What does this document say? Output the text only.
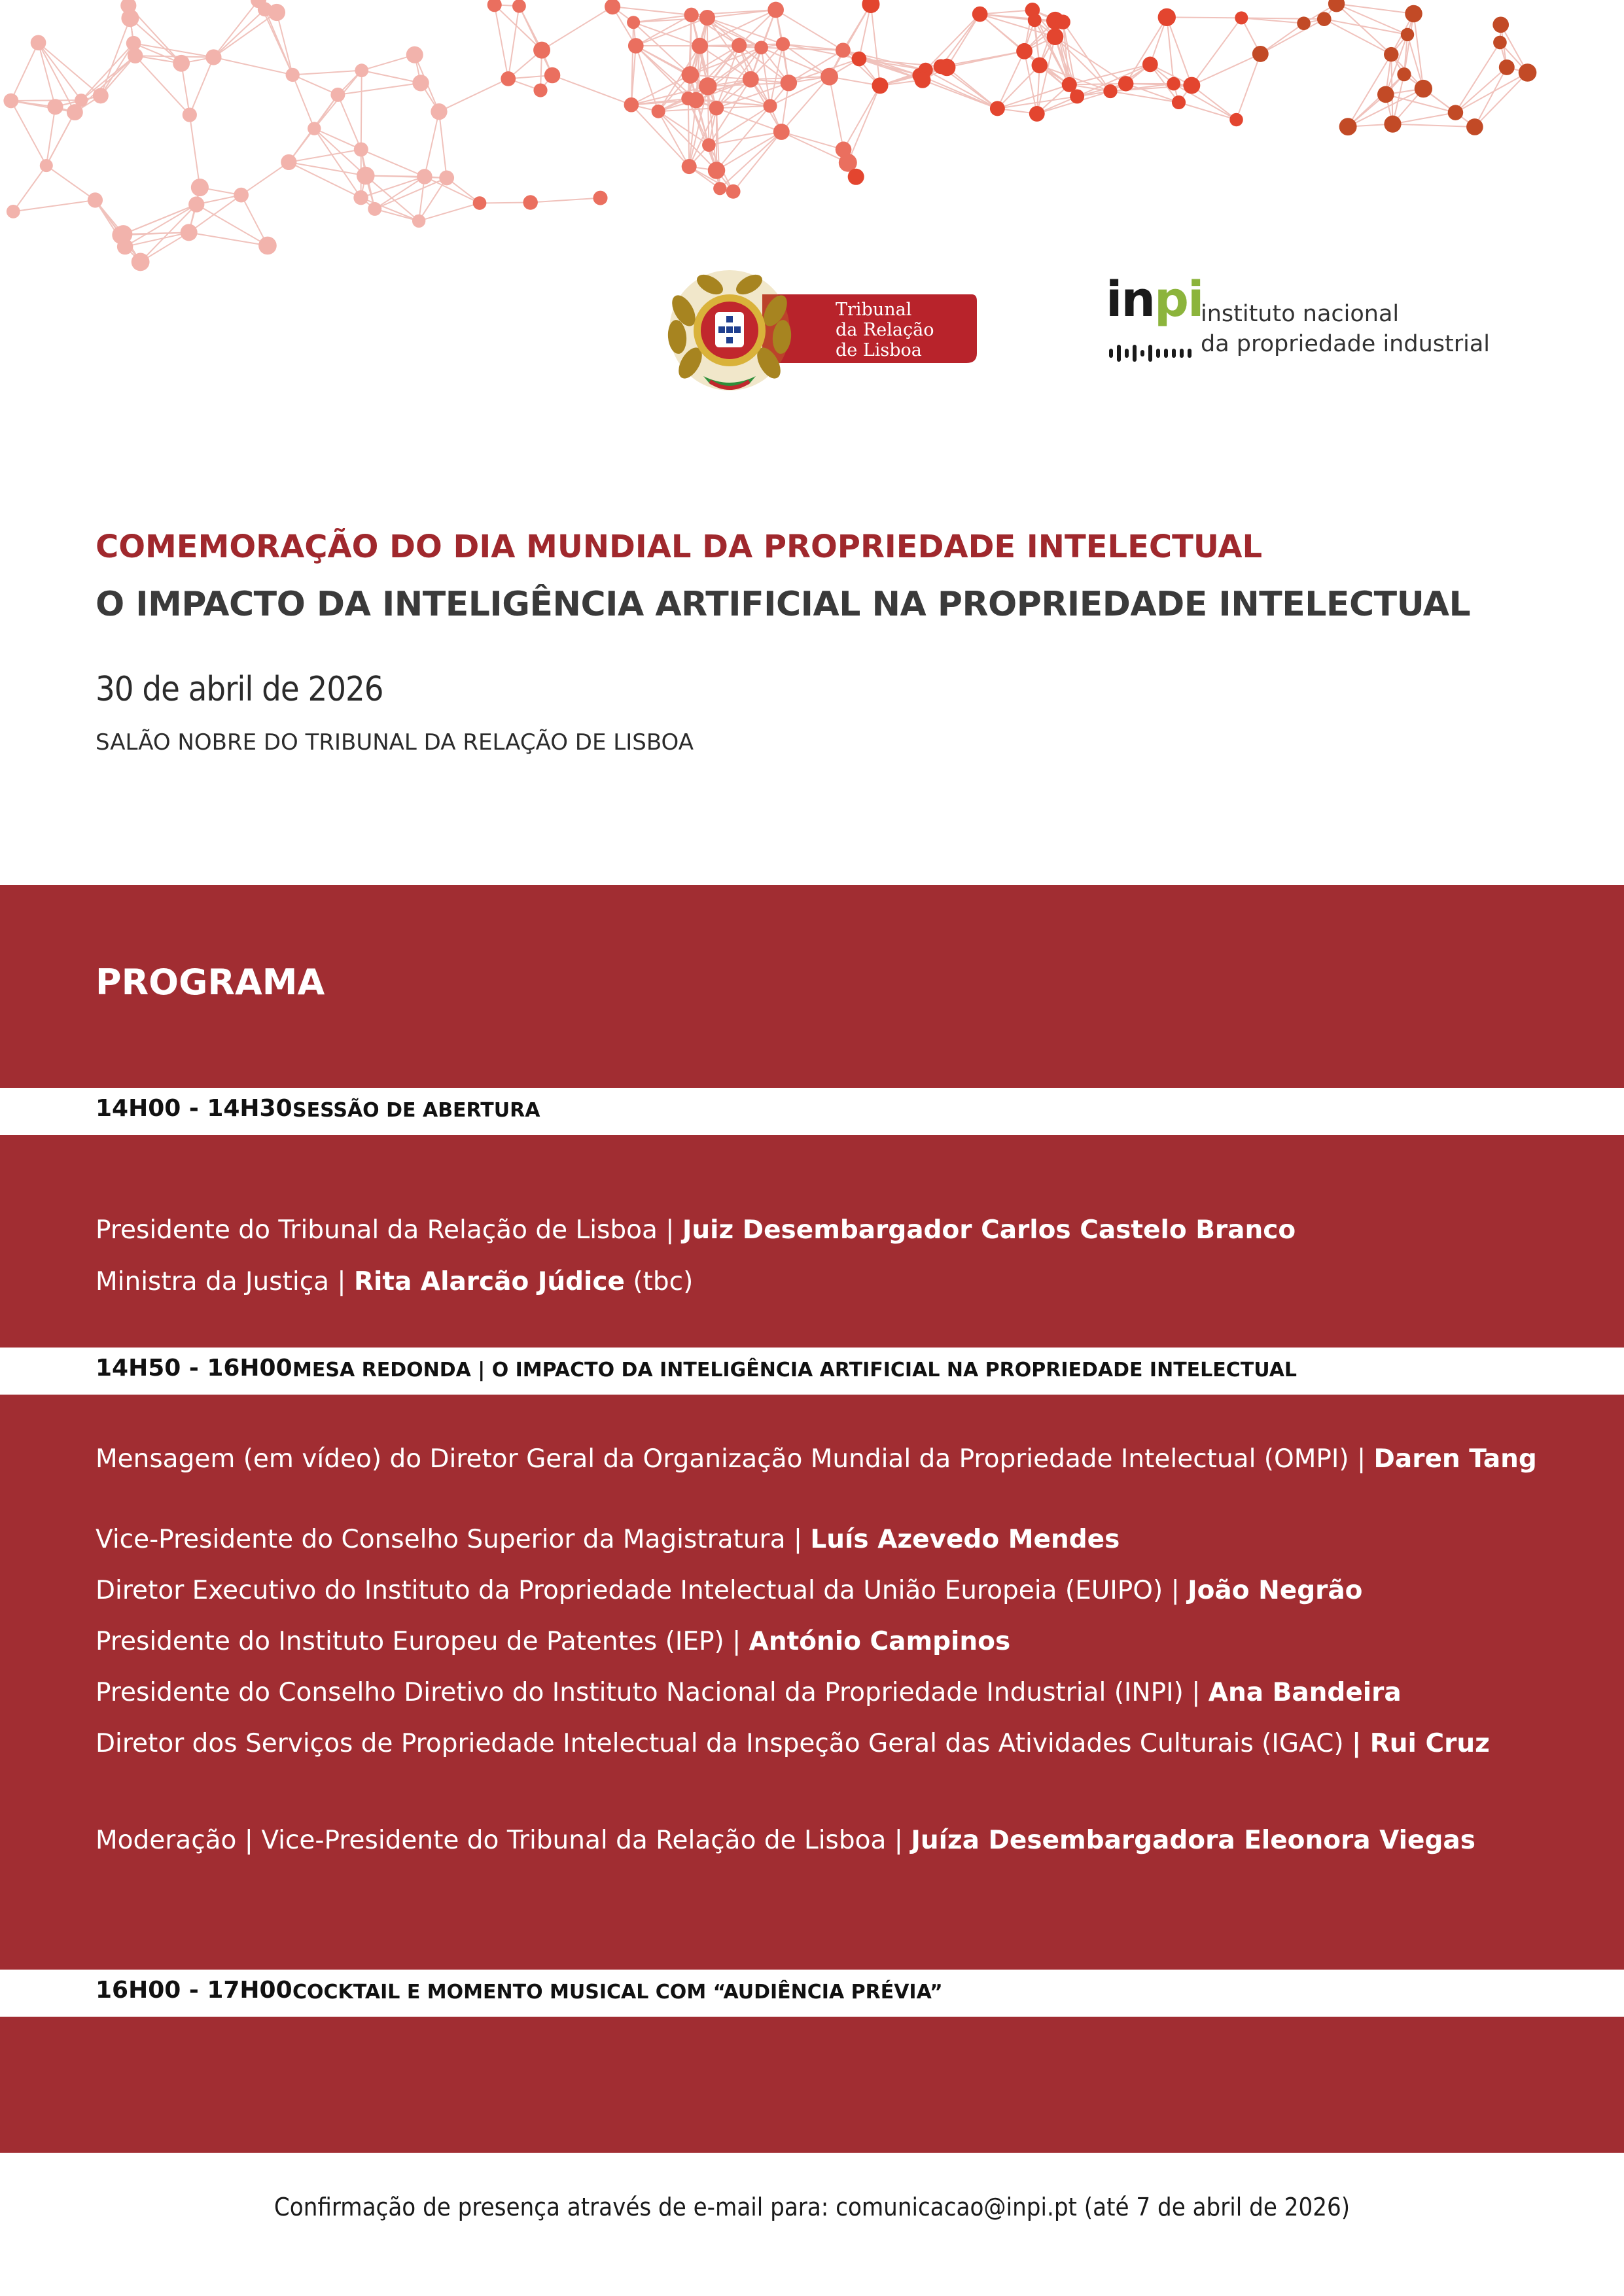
Tribunal
da Relação
de Lisboa
inpi
instituto nacional
da propriedade industrial
COMEMORAÇÃO DO DIA MUNDIAL DA PROPRIEDADE INTELECTUAL
O IMPACTO DA INTELIGÊNCIA ARTIFICIAL NA PROPRIEDADE INTELECTUAL
30 de abril de 2026
SALÃO NOBRE DO TRIBUNAL DA RELAÇÃO DE LISBOA
PROGRAMA
14H00 - 14H30 SESSÃO DE ABERTURA
Presidente do Tribunal da Relação de Lisboa | Juiz Desembargador Carlos Castelo Branco
Ministra da Justiça | Rita Alarcão Júdice (tbc)
14H50 - 16H00 MESA REDONDA | O IMPACTO DA INTELIGÊNCIA ARTIFICIAL NA PROPRIEDADE INTELECTUAL
Mensagem (em vídeo) do Diretor Geral da Organização Mundial da Propriedade Intelectual (OMPI) | Daren Tang
Vice-Presidente do Conselho Superior da Magistratura | Luís Azevedo Mendes
Diretor Executivo do Instituto da Propriedade Intelectual da União Europeia (EUIPO) | João Negrão
Presidente do Instituto Europeu de Patentes (IEP) | António Campinos
Presidente do Conselho Diretivo do Instituto Nacional da Propriedade Industrial (INPI) | Ana Bandeira
Diretor dos Serviços de Propriedade Intelectual da Inspeção Geral das Atividades Culturais (IGAC) | Rui Cruz
Moderação | Vice-Presidente do Tribunal da Relação de Lisboa | Juíza Desembargadora Eleonora Viegas
16H00 - 17H00 COCKTAIL E MOMENTO MUSICAL COM “AUDIÊNCIA PRÉVIA”
Confirmação de presença através de e-mail para: comunicacao@inpi.pt (até 7 de abril de 2026)
